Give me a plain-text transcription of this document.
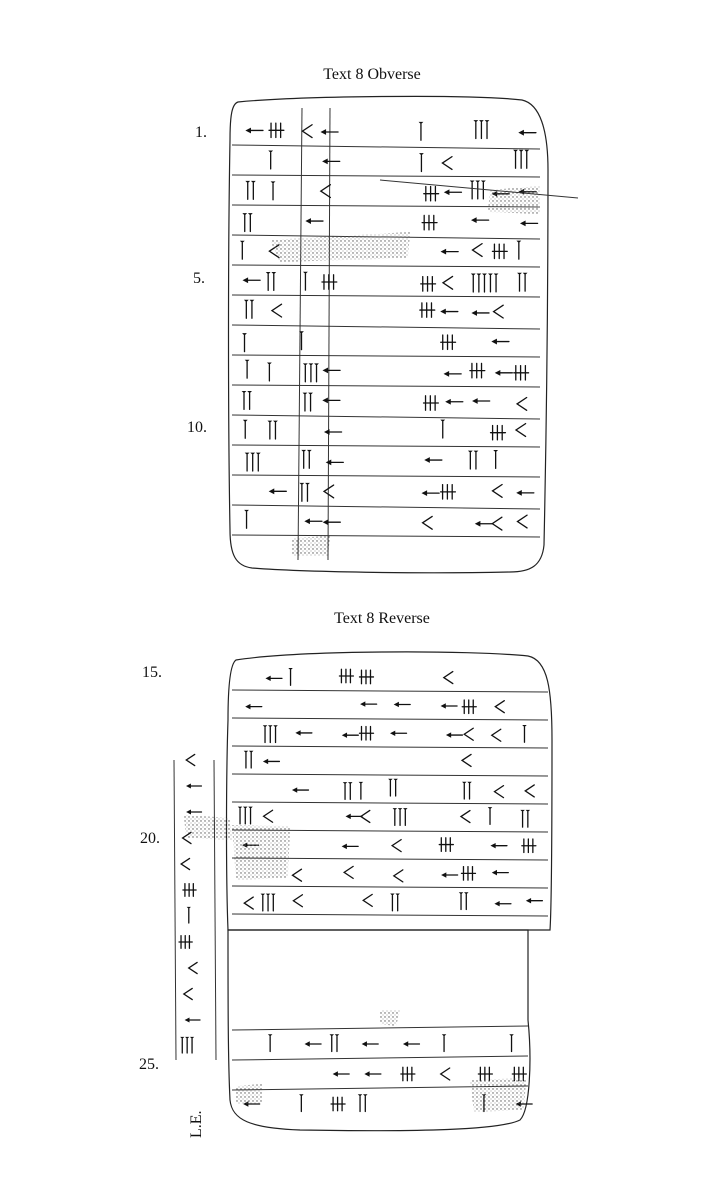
Text 8 Obverse
Text 8 Reverse
1.
5.
10.
15.
20.
25.
L.E.
